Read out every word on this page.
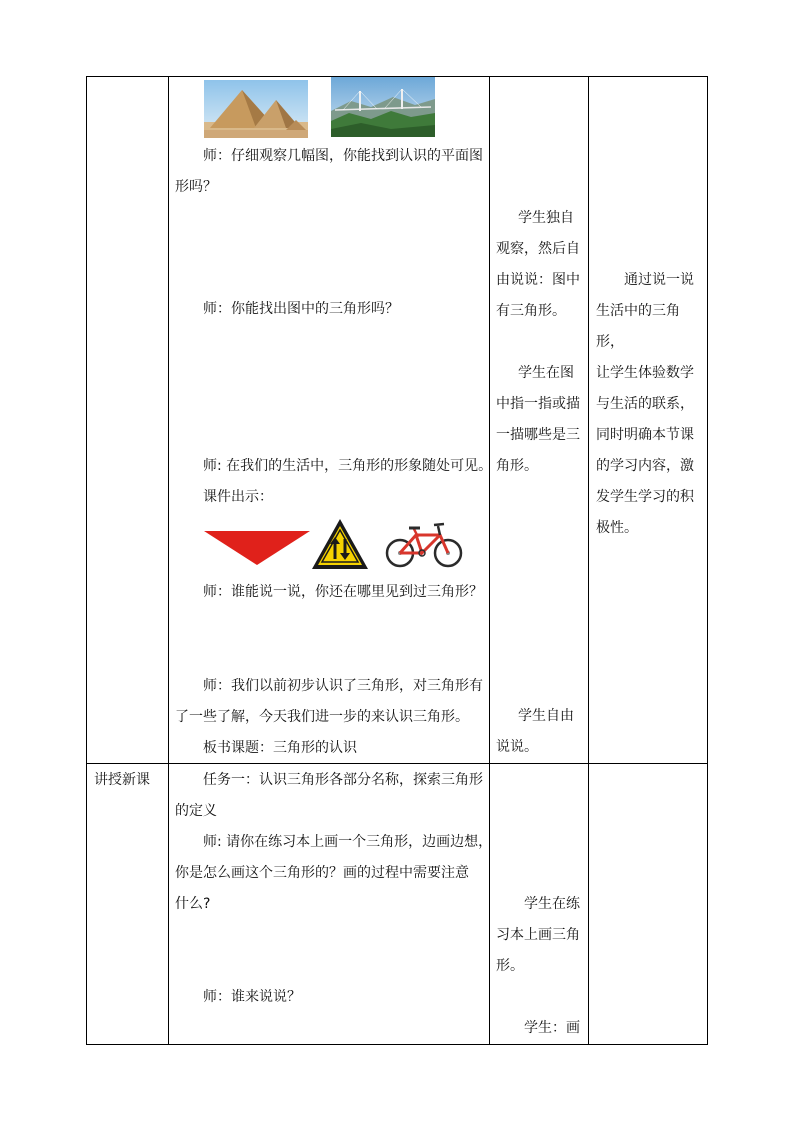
师：仔细观察几幅图，你能找到认识的平面图
形吗？
师：你能找出图中的三角形吗？
师: 在我们的生活中，三角形的形象随处可见。
课件出示：
师：谁能说一说，你还在哪里见到过三角形？
师：我们以前初步认识了三角形，对三角形有
了一些了解，今天我们进一步的来认识三角形。
板书课题：三角形的认识
学生独自
观察，然后自
由说说：图中
有三角形。
学生在图
中指一指或描
一描哪些是三
角形。
学生自由
说说。
通过说一说
生活中的三角形，
让学生体验数学
与生活的联系，
同时明确本节课
的学习内容，激
发学生学习的积
极性。
讲授新课	任务一：认识三角形各部分名称，探索三角形
的定义
师: 请你在练习本上画一个三角形，边画边想，
你是怎么画这个三角形的？画的过程中需要注意
什么?
师：谁来说说？
学生在练
习本上画三角
形。
学生：画
